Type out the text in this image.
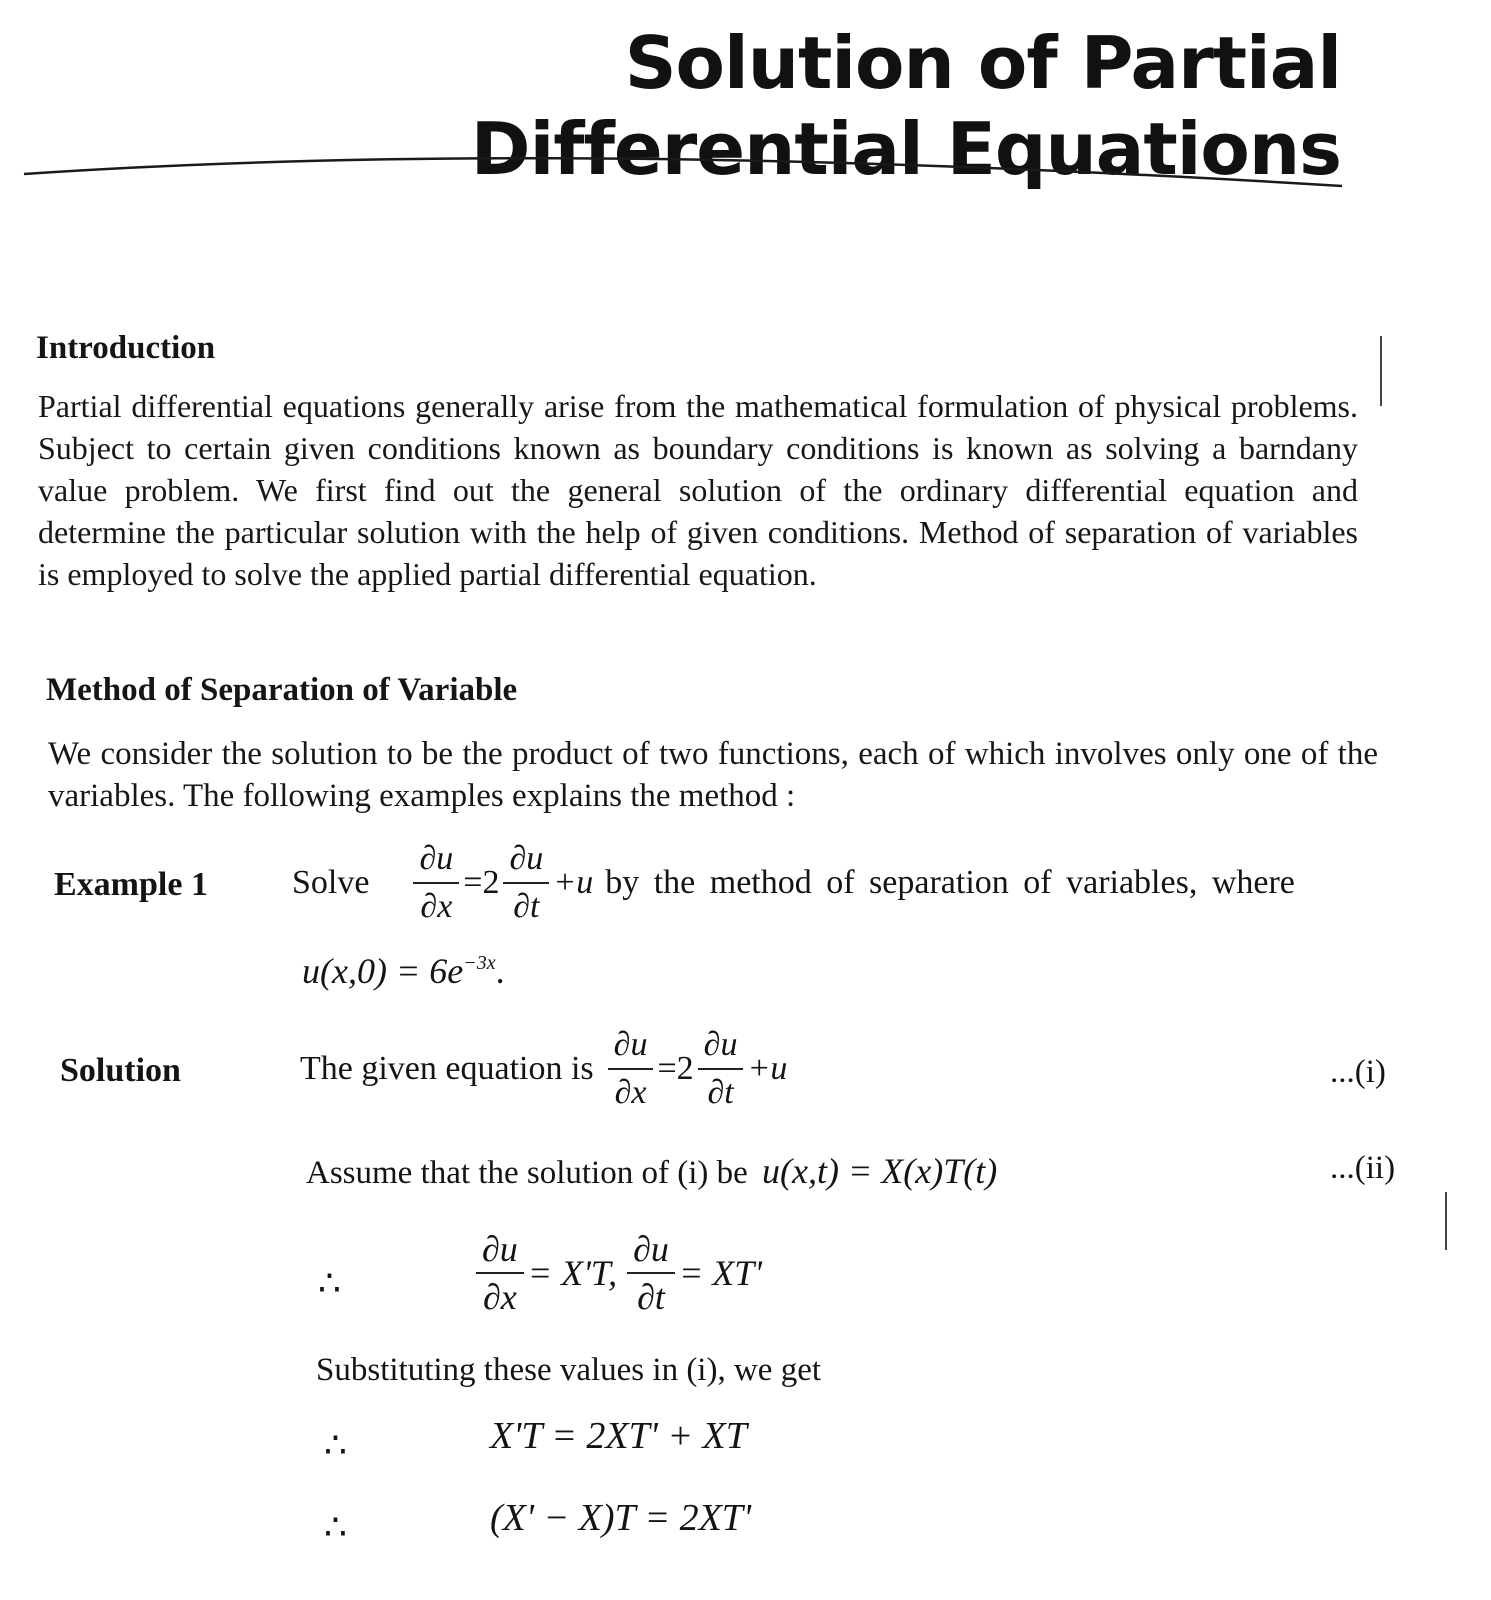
Solution of Partial
Differential Equations
Introduction
Partial differential equations generally arise from the mathematical formulation of physical problems. Subject to certain given conditions known as boundary conditions is known as solving a barndany value problem. We first find out the general solution of the ordinary differential equation and determine the particular solution with the help of given conditions. Method of separation of variables is employed to solve the applied partial differential equation.
Method of Separation of Variable
We consider the solution to be the product of two functions, each of which involves only one of the variables. The following examples explains the method :
Example 1 Solve $\frac{\partial u}{\partial x} =2 \frac{\partial u}{\partial t} +u$ by the method of separation of variables, where
$u(x,0) = 6e^{-3x}$.
Solution	The given equation is $\frac{\partial u}{\partial x} =2 \frac{\partial u}{\partial t} +u$	...(i)
Assume that the solution of (i) be u(x,t) = X(x)T(t)	...(ii)
∴	$\frac{\partial u}{\partial x} = X'T$, $\frac{\partial u}{\partial t} = XT'$
Substituting these values in (i), we get
∴	X'T = 2XT' + XT
∴	(X' − X)T = 2XT'
